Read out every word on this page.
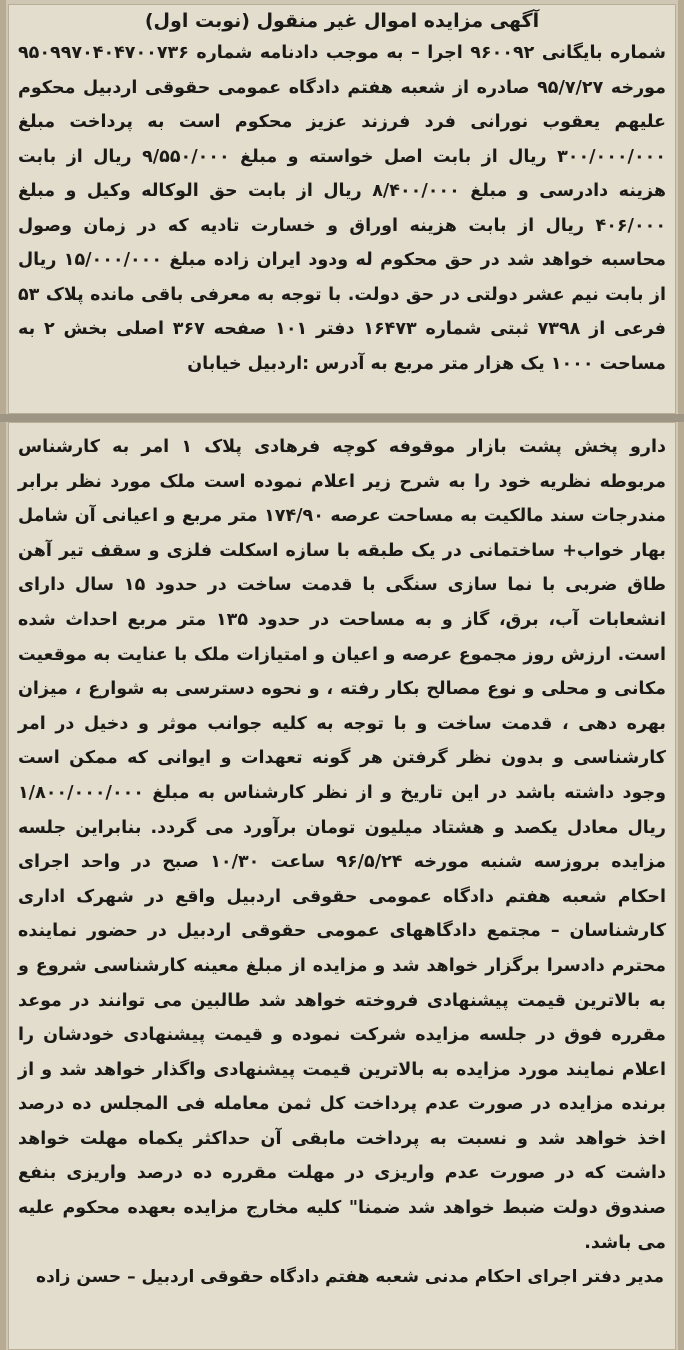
آگهی مزایده اموال غیر منقول (نوبت اول)
شماره بایگانی ۹۶۰۰۹۲ اجرا – به موجب دادنامه شماره ۹۵۰۹۹۷۰۴۰۴۷۰۰۷۳۶ مورخه ۹۵/۷/۲۷ صادره از شعبه هفتم دادگاه عمومی حقوقی اردبیل محکوم علیهم یعقوب نورانی فرد فرزند عزیز محکوم است به پرداخت مبلغ ۳۰۰/۰۰۰/۰۰۰ ریال از بابت اصل خواسته و مبلغ ۹/۵۵۰/۰۰۰ ریال از بابت هزینه دادرسی و مبلغ ۸/۴۰۰/۰۰۰ ریال از بابت حق الوکاله وکیل و مبلغ ۴۰۶/۰۰۰ ریال از بابت هزینه اوراق و خسارت تادیه که در زمان وصول محاسبه خواهد شد در حق محکوم له ودود ایران زاده مبلغ ۱۵/۰۰۰/۰۰۰ ریال از بابت نیم عشر دولتی در حق دولت. با توجه به معرفی باقی مانده پلاک ۵۳ فرعی از ۷۳۹۸ ثبتی شماره ۱۶۴۷۳ دفتر ۱۰۱ صفحه ۳۶۷ اصلی بخش ۲ به مساحت ۱۰۰۰ یک هزار متر مربع به آدرس :اردبیل خیابان
دارو پخش پشت بازار موقوفه کوچه فرهادی پلاک ۱ امر به کارشناس مربوطه نظریه خود را به شرح زیر اعلام نموده است ملک مورد نظر برابر مندرجات سند مالکیت به مساحت عرصه ۱۷۴/۹۰ متر مربع و اعیانی آن شامل بهار خواب+ ساختمانی در یک طبقه با سازه اسکلت فلزی و سقف تیر آهن طاق ضربی با نما سازی سنگی با قدمت ساخت در حدود ۱۵ سال دارای انشعابات آب، برق، گاز و به مساحت در حدود ۱۳۵ متر مربع احداث شده است. ارزش روز مجموع عرصه و اعیان و امتیازات ملک با عنایت به موقعیت مکانی و محلی و نوع مصالح بکار رفته ، و نحوه دسترسی به شوارع ، میزان بهره دهی ، قدمت ساخت و با توجه به کلیه جوانب موثر و دخیل در امر کارشناسی و بدون نظر گرفتن هر گونه تعهدات و ایوانی که ممکن است وجود داشته باشد در این تاریخ و از نظر کارشناس به مبلغ ۱/۸۰۰/۰۰۰/۰۰۰ ریال معادل یکصد و هشتاد میلیون تومان برآورد می گردد. بنابراین جلسه مزایده بروزسه شنبه مورخه ۹۶/۵/۲۴ ساعت ۱۰/۳۰ صبح در واحد اجرای احکام شعبه هفتم دادگاه عمومی حقوقی اردبیل واقع در شهرک اداری کارشناسان – مجتمع دادگاههای عمومی حقوقی اردبیل در حضور نماینده محترم دادسرا برگزار خواهد شد و مزایده از مبلغ معینه کارشناسی شروع و به بالاترین قیمت پیشنهادی فروخته خواهد شد طالبین می توانند در موعد مقرره فوق در جلسه مزایده شرکت نموده و قیمت پیشنهادی خودشان را اعلام نمایند مورد مزایده به بالاترین قیمت پیشنهادی واگذار خواهد شد و از برنده مزایده در صورت عدم پرداخت کل ثمن معامله فی المجلس ده درصد اخذ خواهد شد و نسبت به پرداخت مابقی آن حداکثر یکماه مهلت خواهد داشت که در صورت عدم واریزی در مهلت مقرره ده درصد واریزی بنفع صندوق دولت ضبط خواهد شد ضمنا" کلیه مخارج مزایده بعهده محکوم علیه می باشد.
مدیر دفتر اجرای احکام مدنی شعبه هفتم دادگاه حقوقی اردبیل – حسن زاده
